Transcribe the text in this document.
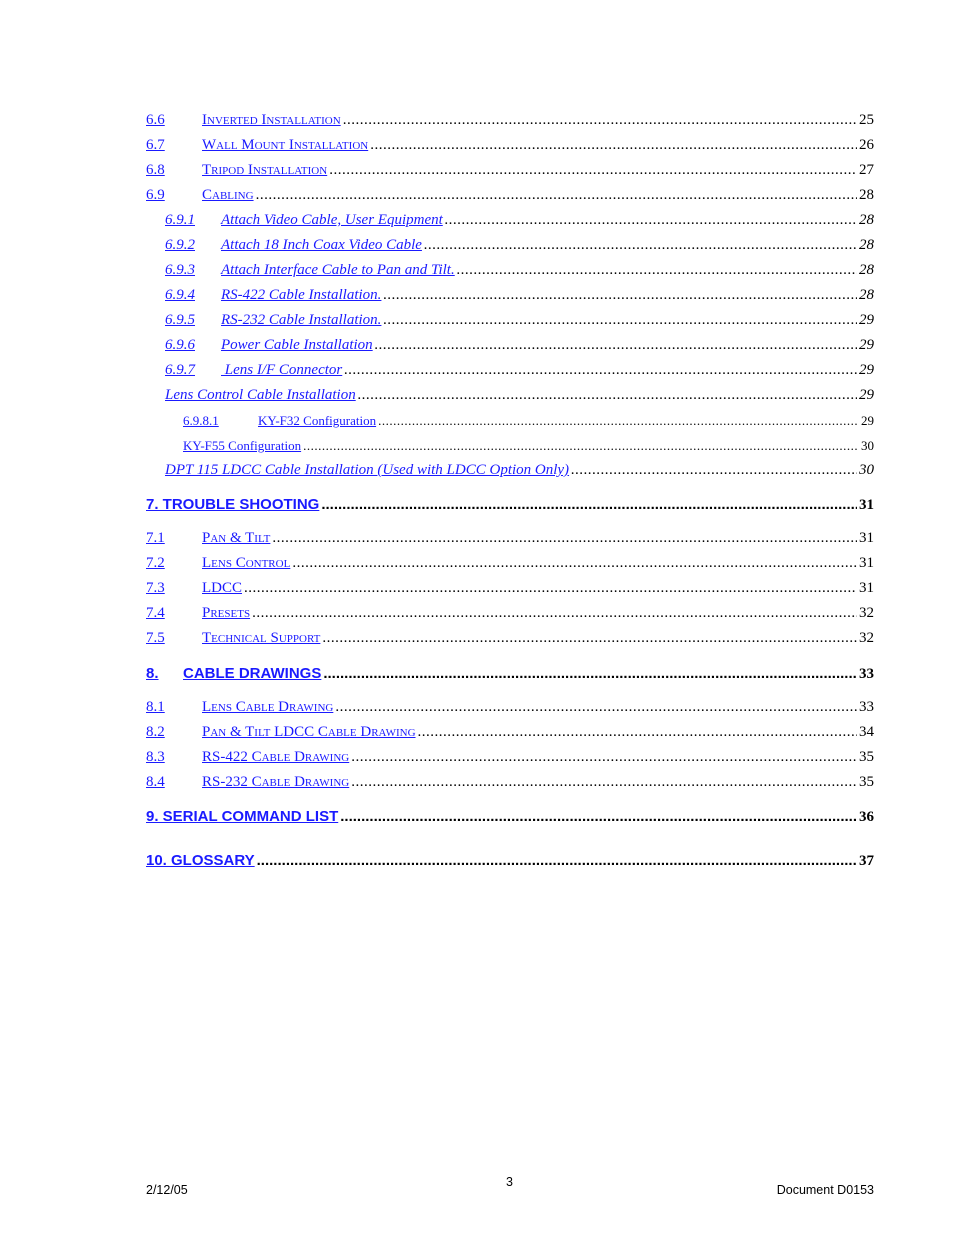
6.6	Inverted Installation .....	25
6.7	Wall Mount Installation .....	26
6.8	Tripod Installation .....	27
6.9	Cabling .....	28
6.9.1	Attach Video Cable, User Equipment .....	28
6.9.2	Attach 18 Inch Coax Video Cable .....	28
6.9.3	Attach Interface Cable to Pan and Tilt. .....	28
6.9.4	RS-422 Cable Installation. .....	28
6.9.5	RS-232 Cable Installation. .....	29
6.9.6	Power Cable Installation .....	29
6.9.7	Lens I/F Connector .....	29
Lens Control Cable Installation .....	29
6.9.8.1	KY-F32 Configuration .....	29
KY-F55 Configuration .....	30
DPT 115 LDCC Cable Installation (Used with LDCC Option Only) .....	30
7. TROUBLE SHOOTING .....	31
7.1	Pan & Tilt .....	31
7.2	Lens Control .....	31
7.3	LDCC .....	31
7.4	Presets .....	32
7.5	Technical Support .....	32
8.	CABLE DRAWINGS .....	33
8.1	Lens Cable Drawing .....	33
8.2	Pan & Tilt LDCC Cable Drawing .....	34
8.3	RS-422 Cable Drawing .....	35
8.4	RS-232 Cable Drawing .....	35
9. SERIAL COMMAND LIST .....	36
10. GLOSSARY .....	37
2/12/05
3
Document D0153
